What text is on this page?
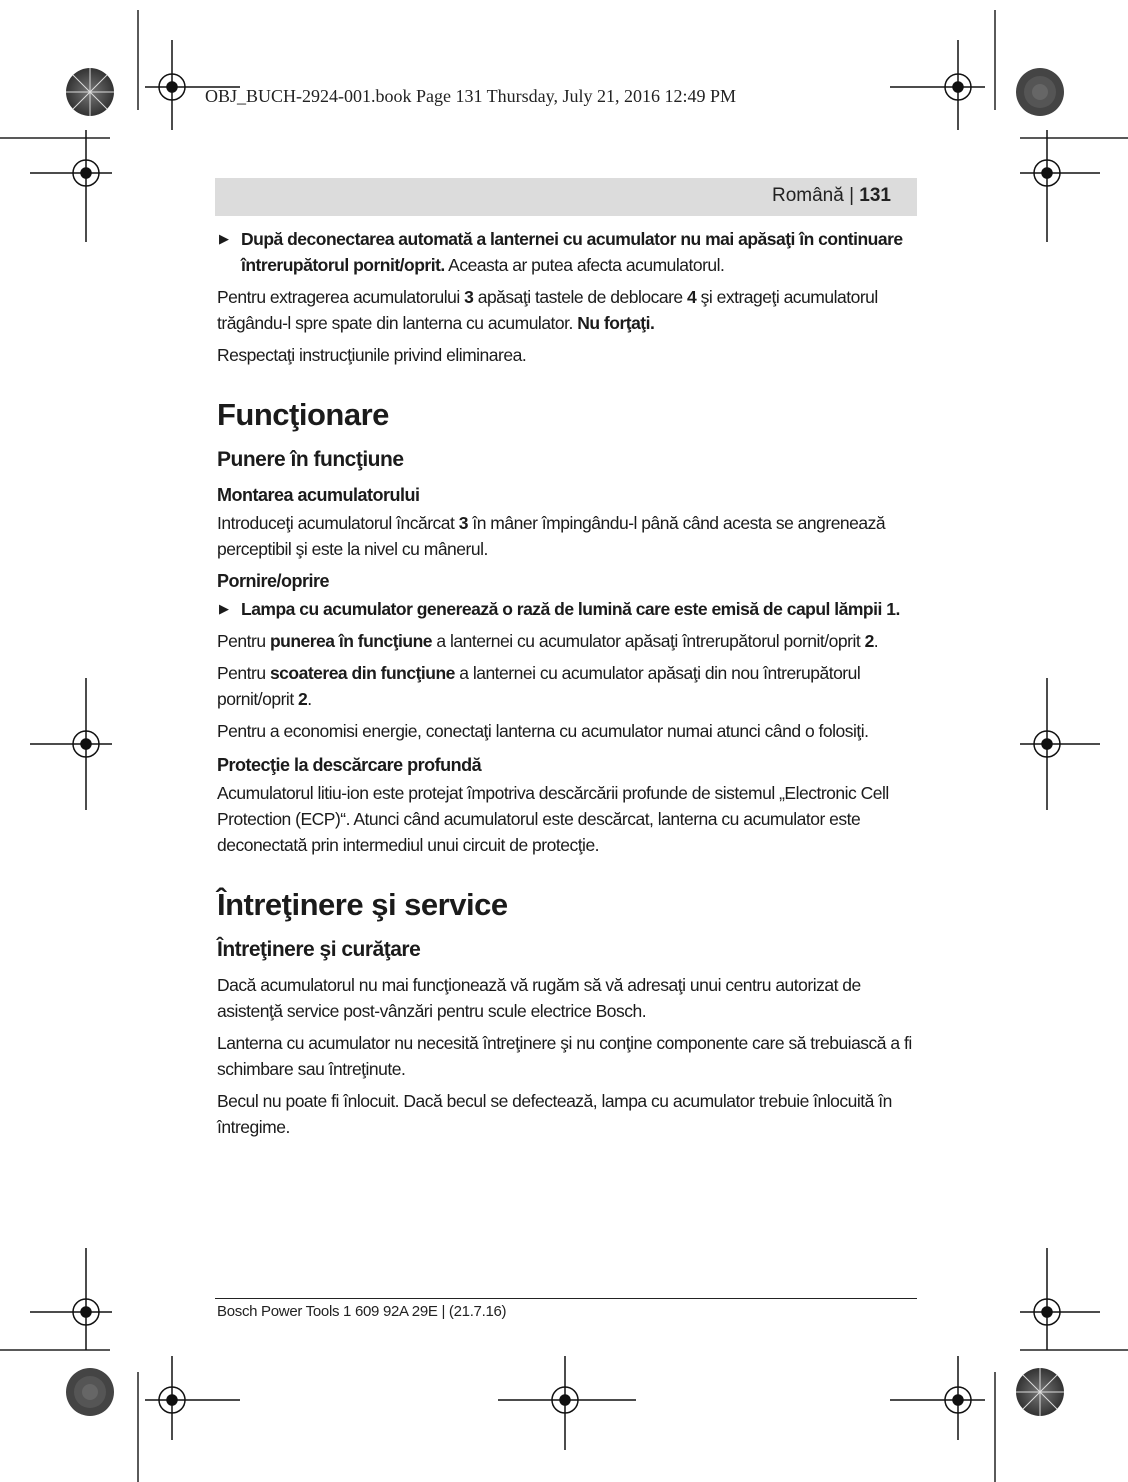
OBJ_BUCH-2924-001.book Page 131 Thursday, July 21, 2016 12:49 PM
Română | 131

▶ După deconectarea automată a lanternei cu acumulator nu mai apăsaţi în continuare întrerupătorul pornit/oprit. Aceasta ar putea afecta acumulatorul.

Pentru extragerea acumulatorului 3 apăsaţi tastele de deblocare 4 şi extrageţi acumulatorul trăgându-l spre spate din lanterna cu acumulator. Nu forţaţi.

Respectaţi instrucţiunile privind eliminarea.

Funcţionare
Punere în funcţiune
Montarea acumulatorului

Introduceţi acumulatorul încărcat 3 în mâner împingându-l până când acesta se angrenează perceptibil şi este la nivel cu mânerul.

Pornire/oprire

▶ Lampa cu acumulator generează o rază de lumină care este emisă de capul lămpii 1.

Pentru punerea în funcţiune a lanternei cu acumulator apăsaţi întrerupătorul pornit/oprit 2.

Pentru scoaterea din funcţiune a lanternei cu acumulator apăsaţi din nou întrerupătorul pornit/oprit 2.

Pentru a economisi energie, conectaţi lanterna cu acumulator numai atunci când o folosiţi.

Protecţie la descărcare profundă

Acumulatorul litiu-ion este protejat împotriva descărcării profunde de sistemul „Electronic Cell Protection (ECP)“. Atunci când acumulatorul este descărcat, lanterna cu acumulator este deconectată prin intermediul unui circuit de protecţie.

Întreţinere şi service
Întreţinere şi curăţare

Dacă acumulatorul nu mai funcţionează vă rugăm să vă adresaţi unui centru autorizat de asistenţă service post-vânzări pentru scule electrice Bosch.

Lanterna cu acumulator nu necesită întreţinere şi nu conţine componente care să trebuiască a fi schimbare sau întreţinute.

Becul nu poate fi înlocuit. Dacă becul se defectează, lampa cu acumulator trebuie înlocuită în întregime.

Bosch Power Tools 1 609 92A 29E | (21.7.16)
